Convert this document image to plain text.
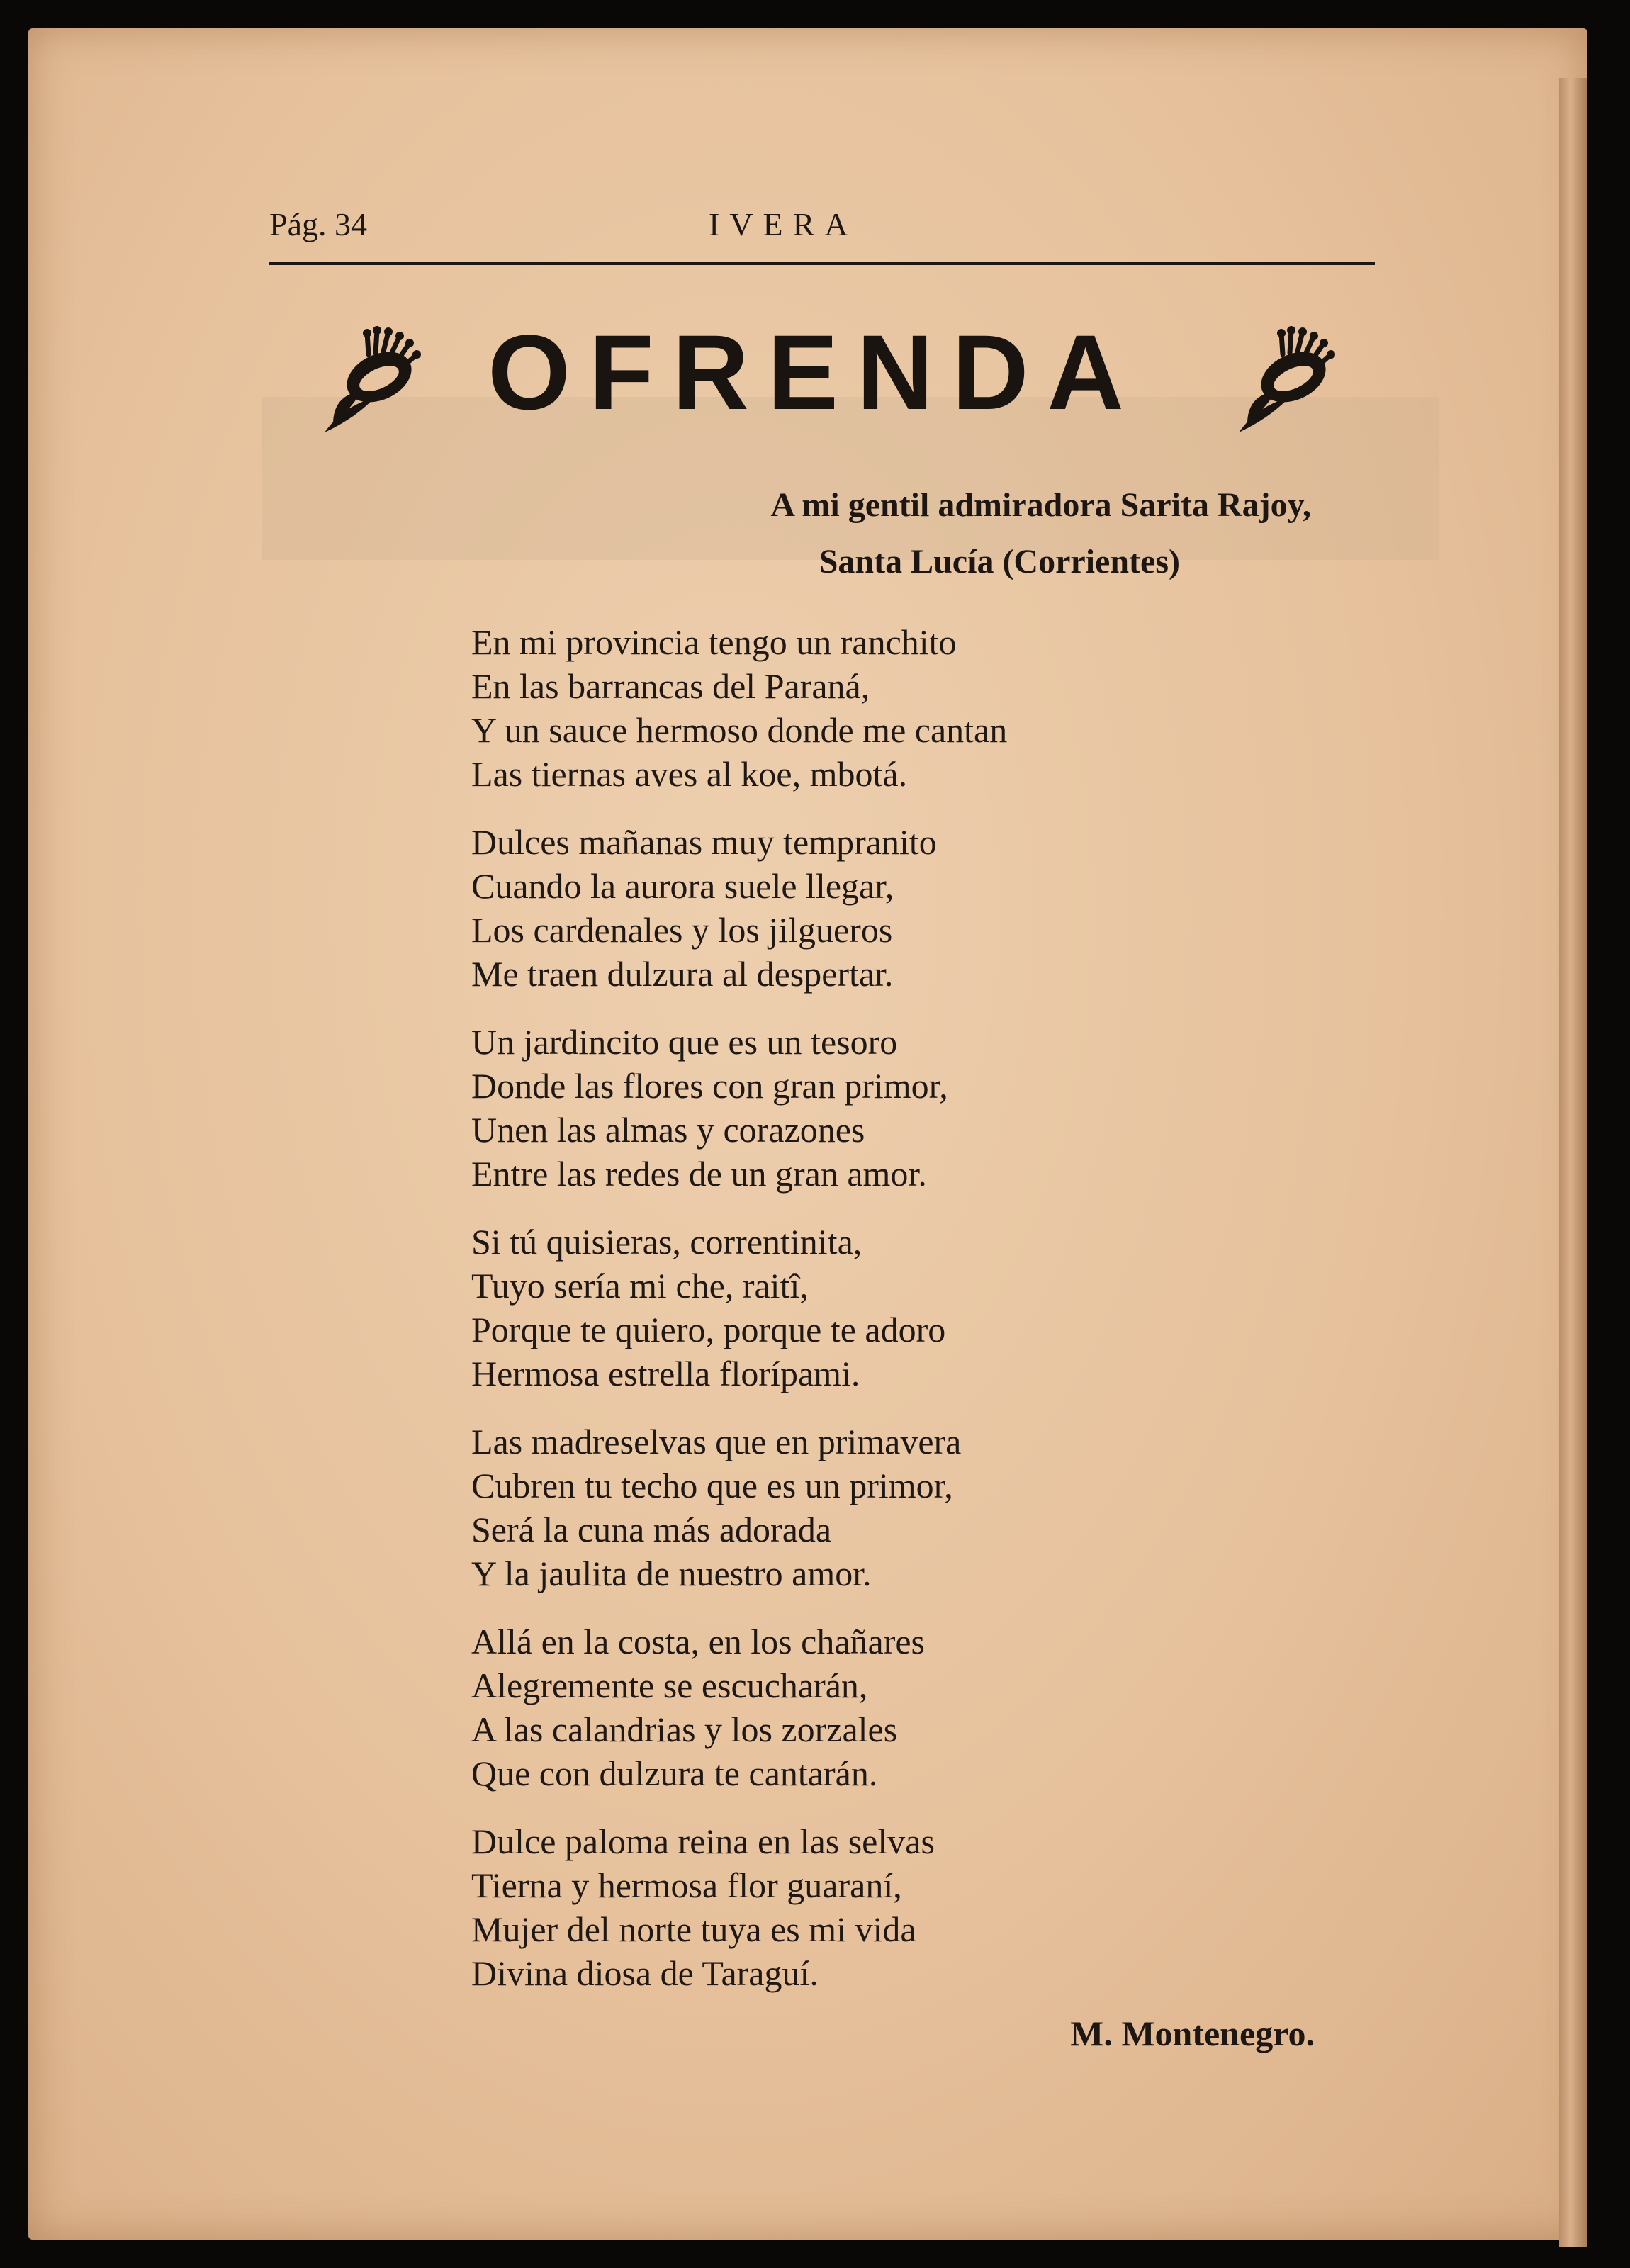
Pág. 34	IVERA
OFRENDA
A mi gentil admiradora Sarita Rajoy,
Santa Lucía (Corrientes)
En mi provincia tengo un ranchito
En las barrancas del Paraná,
Y un sauce hermoso donde me cantan
Las tiernas aves al koe, mbotá.
Dulces mañanas muy tempranito
Cuando la aurora suele llegar,
Los cardenales y los jilgueros
Me traen dulzura al despertar.
Un jardincito que es un tesoro
Donde las flores con gran primor,
Unen las almas y corazones
Entre las redes de un gran amor.
Si tú quisieras, correntinita,
Tuyo sería mi che, raitî,
Porque te quiero, porque te adoro
Hermosa estrella florípami.
Las madreselvas que en primavera
Cubren tu techo que es un primor,
Será la cuna más adorada
Y la jaulita de nuestro amor.
Allá en la costa, en los chañares
Alegremente se escucharán,
A las calandrias y los zorzales
Que con dulzura te cantarán.
Dulce paloma reina en las selvas
Tierna y hermosa flor guaraní,
Mujer del norte tuya es mi vida
Divina diosa de Taraguí.
M. Montenegro.
